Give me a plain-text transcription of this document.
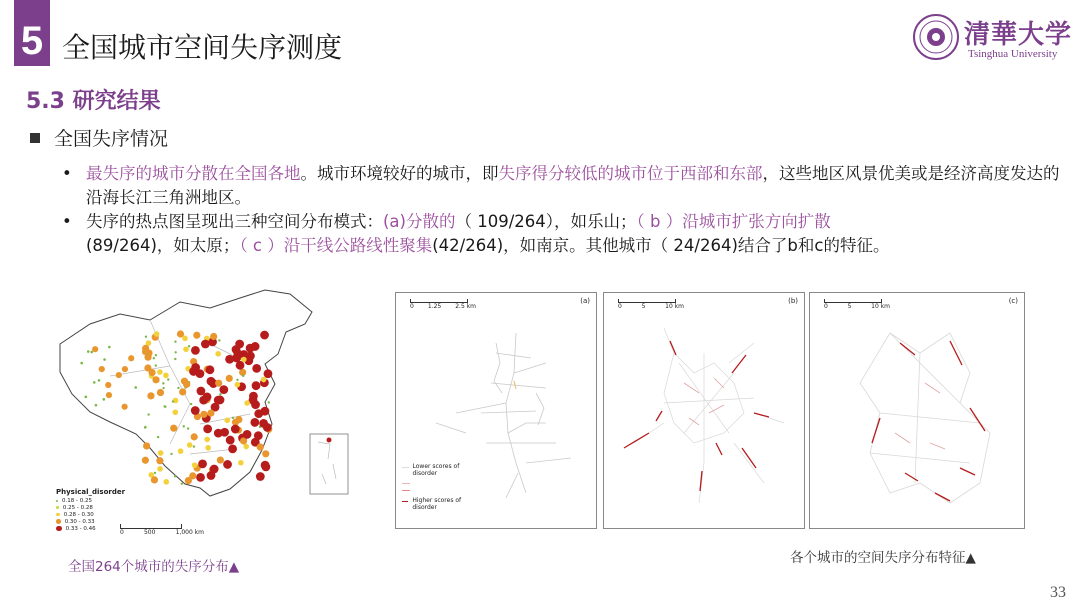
5 全国城市空间失序测度	清華大学
Tsinghua University
5.3 研究结果
全国失序情况

• 最失序的城市分散在全国各地。城市环境较好的城市，即失序得分较低的城市位于西部和东部，这些地区风景优美或是经济高度发达的沿海长江三角洲地区。

• 失序的热点图呈现出三种空间分布模式：(a)分散的（ 109/264），如乐山；（ b ）沿城市扩张方向扩散
(89/264)，如太原；（ c ）沿干线公路线性聚集(42/264)，如南京。其他城市（ 24/264)结合了b和c的特征。

Physical_disorder
0.18 - 0.25
0.25 - 0.28
0.28 - 0.30
0.30 - 0.33
0.33 - 0.46
0	500	1,000 km
全国264个城市的失序分布▲
(a)
0 1.25 2.5 km
Lower scores of disorder
Higher scores of disorder
(b)
0	5	10 km
(c)
0	5	10 km
各个城市的空间失序分布特征▲
33
